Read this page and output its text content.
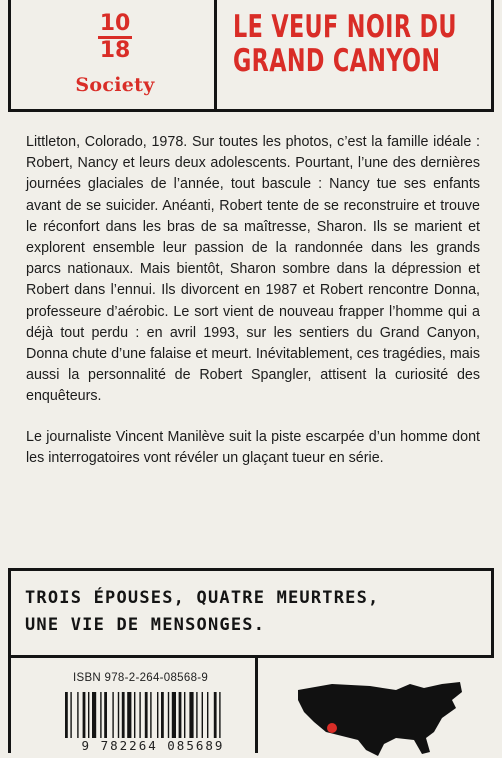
10
18
Society
LE VEUF NOIR DU
GRAND CANYON

Littleton, Colorado, 1978. Sur toutes les photos, c’est la famille idéale : Robert, Nancy et leurs deux adolescents. Pourtant, l’une des dernières journées glaciales de l’année, tout bascule : Nancy tue ses enfants avant de se suicider. Anéanti, Robert tente de se reconstruire et trouve le réconfort dans les bras de sa maîtresse, Sharon. Ils se marient et explorent ensemble leur passion de la randonnée dans les grands parcs nationaux. Mais bientôt, Sharon sombre dans la dépression et Robert dans l’ennui. Ils divorcent en 1987 et Robert rencontre Donna, professeure d’aérobic. Le sort vient de nouveau frapper l’homme qui a déjà tout perdu : en avril 1993, sur les sentiers du Grand Canyon, Donna chute d’une falaise et meurt. Inévitablement, ces tragédies, mais aussi la personnalité de Robert Spangler, attisent la curiosité des enquêteurs.

Le journaliste Vincent Manilève suit la piste escarpée d’un homme dont les interrogatoires vont révéler un glaçant tueur en série.

TROIS ÉPOUSES, QUATRE MEURTRES,
UNE VIE DE MENSONGES.
ISBN 978-2-264-08568-9
9 782264 085689
